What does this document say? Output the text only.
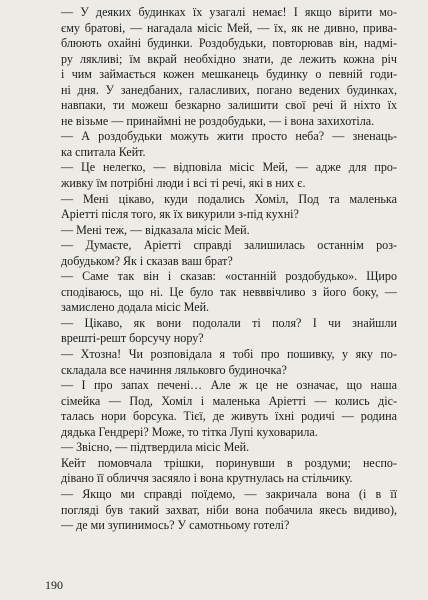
— У деяких будинках їх узагалі немає! І якщо вірити мо-
єму братові, — нагадала місіс Мей, — їх, як не дивно, прива-
блюють охайні будинки. Роздобудьки, повторював він, надмі-
ру лякливі; їм вкрай необхідно знати, де лежить кожна річ
і чим займається кожен мешканець будинку о певній годи-
ні дня. У занедбаних, галасливих, погано ведених будинках,
навпаки, ти можеш безкарно залишити свої речі й ніхто їх
не візьме — принаймні не роздобудьки, — і вона захихотіла.

— А роздобудьки можуть жити просто неба? — зненаць-
ка спитала Кейт.

— Це нелегко, — відповіла місіс Мей, — адже для про-
живку їм потрібні люди і всі ті речі, які в них є.

— Мені цікаво, куди подались Хоміл, Под та маленька
Аріетті після того, як їх викурили з-під кухні?

— Мені теж, — відказала місіс Мей.

— Думаєте, Аріетті справді залишилась останнім роз-
добудьком? Як і сказав ваш брат?

— Саме так він і сказав: «останній роздобудько». Щиро
сподіваюсь, що ні. Це було так невввічливо з його боку, —
замислено додала місіс Мей.

— Цікаво, як вони подолали ті поля? І чи знайшли
врешті-решт борсучу нору?

— Хтозна! Чи розповідала я тобі про пошивку, у яку по-
складала все начиння ляльковго будиночка?

— І про запах печені… Але ж це не означає, що наша
сімейка — Под, Хоміл і маленька Аріетті — колись діс-
талась нори борсука. Тієї, де живуть їхні родичі — родина
дядька Гендрері? Може, то тітка Лупі куховарила.

— Звісно, — підтвердила місіс Мей.

Кейт помовчала трішки, поринувши в роздуми; неспо-
дівано її обличчя засяяло і вона крутнулась на стільчику.

— Якщо ми справді поїдемо, — закричала вона (і в її
погляді був такий захват, ніби вона побачила якесь видиво),
— де ми зупинимось? У самотньому готелі?

190
